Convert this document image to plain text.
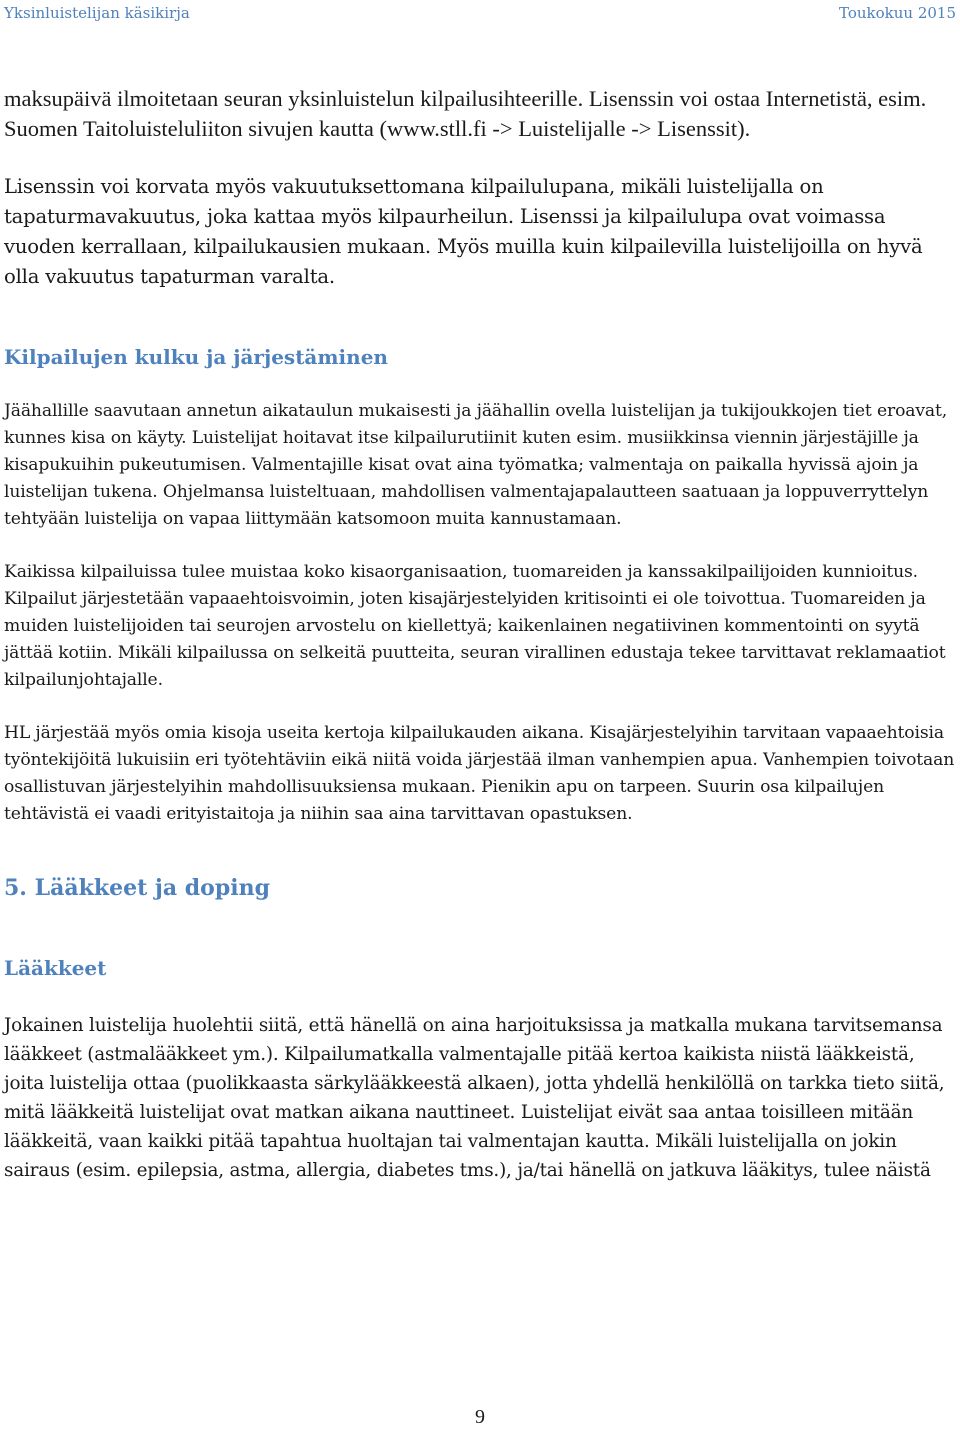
Yksinluistelijan käsikirja	Toukokuu 2015

maksupäivä ilmoitetaan seuran yksinluistelun kilpailusihteerille. Lisenssin voi ostaa Internetistä, esim. Suomen Taitoluisteluliiton sivujen kautta (www.stll.fi -> Luistelijalle -> Lisenssit).

Lisenssin voi korvata myös vakuutuksettomana kilpailulupana, mikäli luistelijalla on tapaturmavakuutus, joka kattaa myös kilpaurheilun. Lisenssi ja kilpailulupa ovat voimassa vuoden kerrallaan, kilpailukausien mukaan. Myös muilla kuin kilpailevilla luistelijoilla on hyvä olla vakuutus tapaturman varalta.

Kilpailujen kulku ja järjestäminen

Jäähallille saavutaan annetun aikataulun mukaisesti ja jäähallin ovella luistelijan ja tukijoukkojen tiet eroavat, kunnes kisa on käyty. Luistelijat hoitavat itse kilpailurutiinit kuten esim. musiikkinsa viennin järjestäjille ja kisapukuihin pukeutumisen. Valmentajille kisat ovat aina työmatka; valmentaja on paikalla hyvissä ajoin ja luistelijan tukena. Ohjelmansa luisteltuaan, mahdollisen valmentajapalautteen saatuaan ja loppuverryttelyn tehtyään luistelija on vapaa liittymään katsomoon muita kannustamaan.

Kaikissa kilpailuissa tulee muistaa koko kisaorganisaation, tuomareiden ja kanssakilpailijoiden kunnioitus. Kilpailut järjestetään vapaaehtoisvoimin, joten kisajärjestelyiden kritisointi ei ole toivottua. Tuomareiden ja muiden luistelijoiden tai seurojen arvostelu on kiellettyä; kaikenlainen negatiivinen kommentointi on syytä jättää kotiin. Mikäli kilpailussa on selkeitä puutteita, seuran virallinen edustaja tekee tarvittavat reklamaatiot kilpailunjohtajalle.

HL järjestää myös omia kisoja useita kertoja kilpailukauden aikana. Kisajärjestelyihin tarvitaan vapaaehtoisia työntekijöitä lukuisiin eri työtehtäviin eikä niitä voida järjestää ilman vanhempien apua. Vanhempien toivotaan osallistuvan järjestelyihin mahdollisuuksiensa mukaan. Pienikin apu on tarpeen. Suurin osa kilpailujen tehtävistä ei vaadi erityistaitoja ja niihin saa aina tarvittavan opastuksen.

5. Lääkkeet ja doping
Lääkkeet

Jokainen luistelija huolehtii siitä, että hänellä on aina harjoituksissa ja matkalla mukana tarvitsemansa lääkkeet (astmalääkkeet ym.). Kilpailumatkalla valmentajalle pitää kertoa kaikista niistä lääkkeistä, joita luistelija ottaa (puolikkaasta särkylääkkeestä alkaen), jotta yhdellä henkilöllä on tarkka tieto siitä, mitä lääkkeitä luistelijat ovat matkan aikana nauttineet. Luistelijat eivät saa antaa toisilleen mitään lääkkeitä, vaan kaikki pitää tapahtua huoltajan tai valmentajan kautta. Mikäli luistelijalla on jokin sairaus (esim. epilepsia, astma, allergia, diabetes tms.), ja/tai hänellä on jatkuva lääkitys, tulee näistä

9
